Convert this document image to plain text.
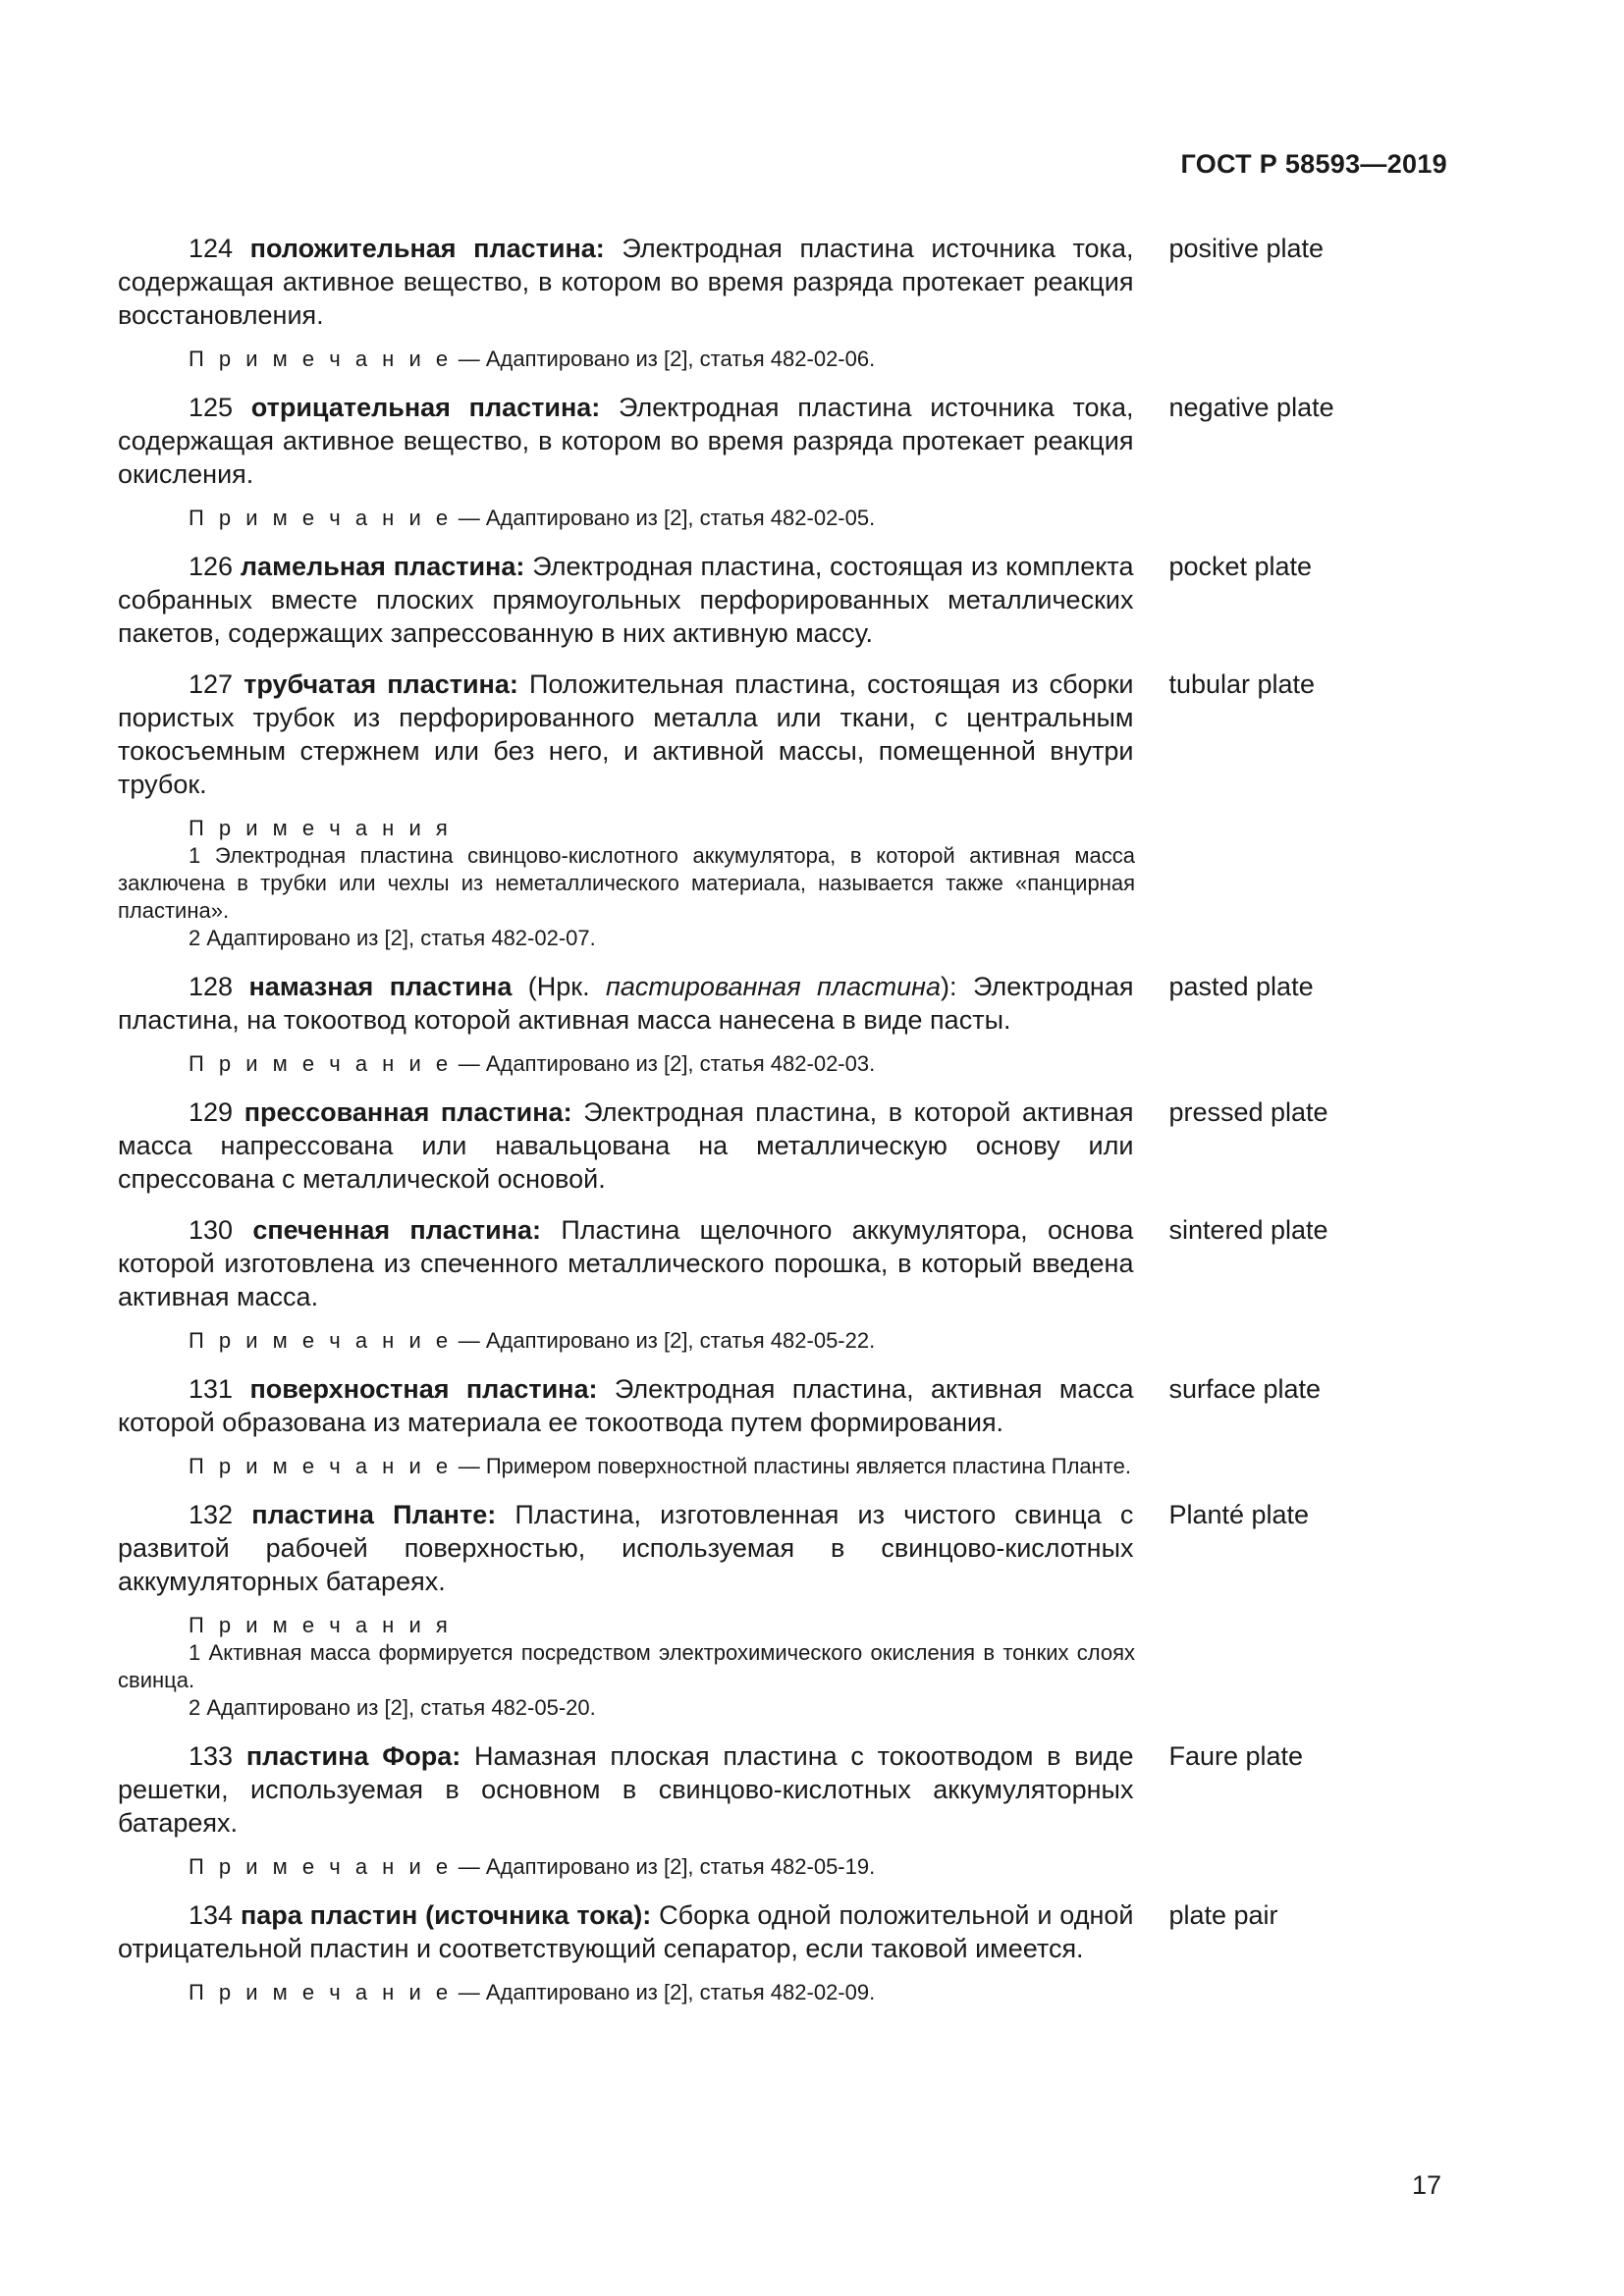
ГОСТ Р 58593—2019

124 положительная пластина: Электродная пластина источника тока, содержащая активное вещество, в котором во время разряда протекает реакция восстановления.

positive plate

П р и м е ч а н и е — Адаптировано из [2], статья 482-02-06.

125 отрицательная пластина: Электродная пластина источника тока, содержащая активное вещество, в котором во время разряда протекает реакция окисления.

negative plate

П р и м е ч а н и е — Адаптировано из [2], статья 482-02-05.

126 ламельная пластина: Электродная пластина, состоящая из комплекта собранных вместе плоских прямоугольных перфорированных металлических пакетов, содержащих запрессованную в них активную массу.

pocket plate

127 трубчатая пластина: Положительная пластина, состоящая из сборки пористых трубок из перфорированного металла или ткани, с центральным токосъемным стержнем или без него, и активной массы, помещенной внутри трубок.

tubular plate

П р и м е ч а н и я

1 Электродная пластина свинцово-кислотного аккумулятора, в которой активная масса заключена в трубки или чехлы из неметаллического материала, называется также «панцирная пластина».

2 Адаптировано из [2], статья 482-02-07.

128 намазная пластина (Нрк. пастированная пластина): Электродная пластина, на токоотвод которой активная масса нанесена в виде пасты.

pasted plate

П р и м е ч а н и е — Адаптировано из [2], статья 482-02-03.

129 прессованная пластина: Электродная пластина, в которой активная масса напрессована или навальцована на металлическую основу или спрессована с металлической основой.

pressed plate

130 спеченная пластина: Пластина щелочного аккумулятора, основа которой изготовлена из спеченного металлического порошка, в который введена активная масса.

sintered plate

П р и м е ч а н и е — Адаптировано из [2], статья 482-05-22.

131 поверхностная пластина: Электродная пластина, активная масса которой образована из материала ее токоотвода путем формирования.

surface plate

П р и м е ч а н и е — Примером поверхностной пластины является пластина Планте.

132 пластина Планте: Пластина, изготовленная из чистого свинца с развитой рабочей поверхностью, используемая в свинцово-кислотных аккумуляторных батареях.

Planté plate

П р и м е ч а н и я

1 Активная масса формируется посредством электрохимического окисления в тонких слоях свинца.

2 Адаптировано из [2], статья 482-05-20.

133 пластина Фора: Намазная плоская пластина с токоотводом в виде решетки, используемая в основном в свинцово-кислотных аккумуляторных батареях.

Faure plate

П р и м е ч а н и е — Адаптировано из [2], статья 482-05-19.

134 пара пластин (источника тока): Сборка одной положительной и одной отрицательной пластин и соответствующий сепаратор, если таковой имеется.

plate pair

П р и м е ч а н и е — Адаптировано из [2], статья 482-02-09.

17
